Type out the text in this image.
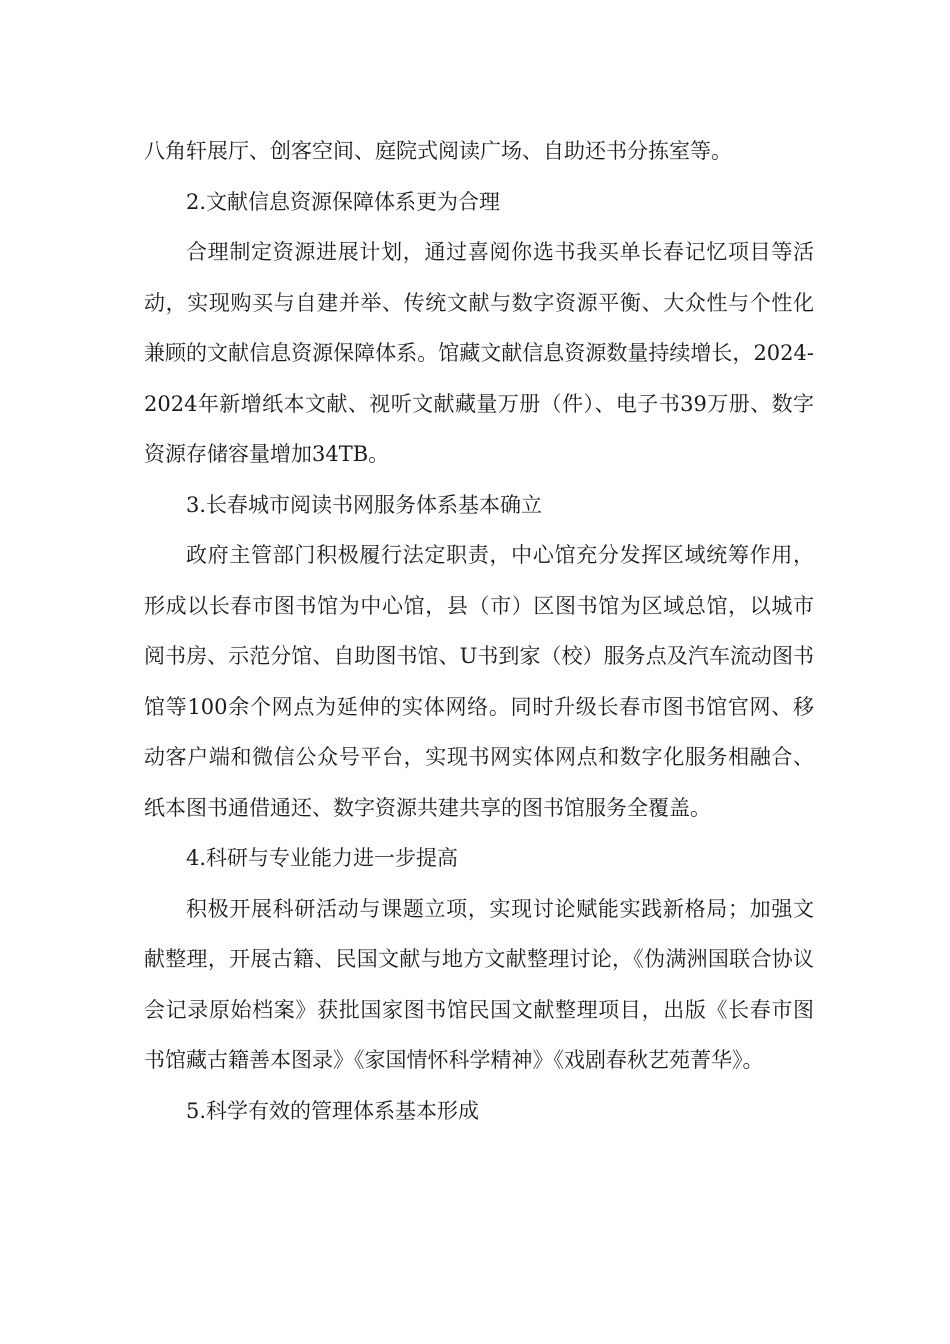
八角轩展厅、创客空间、庭院式阅读广场、自助还书分拣室等。

2.文献信息资源保障体系更为合理

合理制定资源进展计划，通过喜阅你选书我买单长春记忆项目等活动，实现购买与自建并举、传统文献与数字资源平衡、大众性与个性化兼顾的文献信息资源保障体系。馆藏文献信息资源数量持续增长，2024-2024年新增纸本文献、视听文献藏量万册（件）、电子书39万册、数字资源存储容量增加34TB。

3.长春城市阅读书网服务体系基本确立

政府主管部门积极履行法定职责，中心馆充分发挥区域统筹作用，形成以长春市图书馆为中心馆，县（市）区图书馆为区域总馆，以城市阅书房、示范分馆、自助图书馆、U书到家（校）服务点及汽车流动图书馆等100余个网点为延伸的实体网络。同时升级长春市图书馆官网、移动客户端和微信公众号平台，实现书网实体网点和数字化服务相融合、纸本图书通借通还、数字资源共建共享的图书馆服务全覆盖。

4.科研与专业能力进一步提高

积极开展科研活动与课题立项，实现讨论赋能实践新格局；加强文献整理，开展古籍、民国文献与地方文献整理讨论，《伪满洲国联合协议会记录原始档案》获批国家图书馆民国文献整理项目，出版《长春市图书馆藏古籍善本图录》《家国情怀科学精神》《戏剧春秋艺苑菁华》。

5.科学有效的管理体系基本形成
